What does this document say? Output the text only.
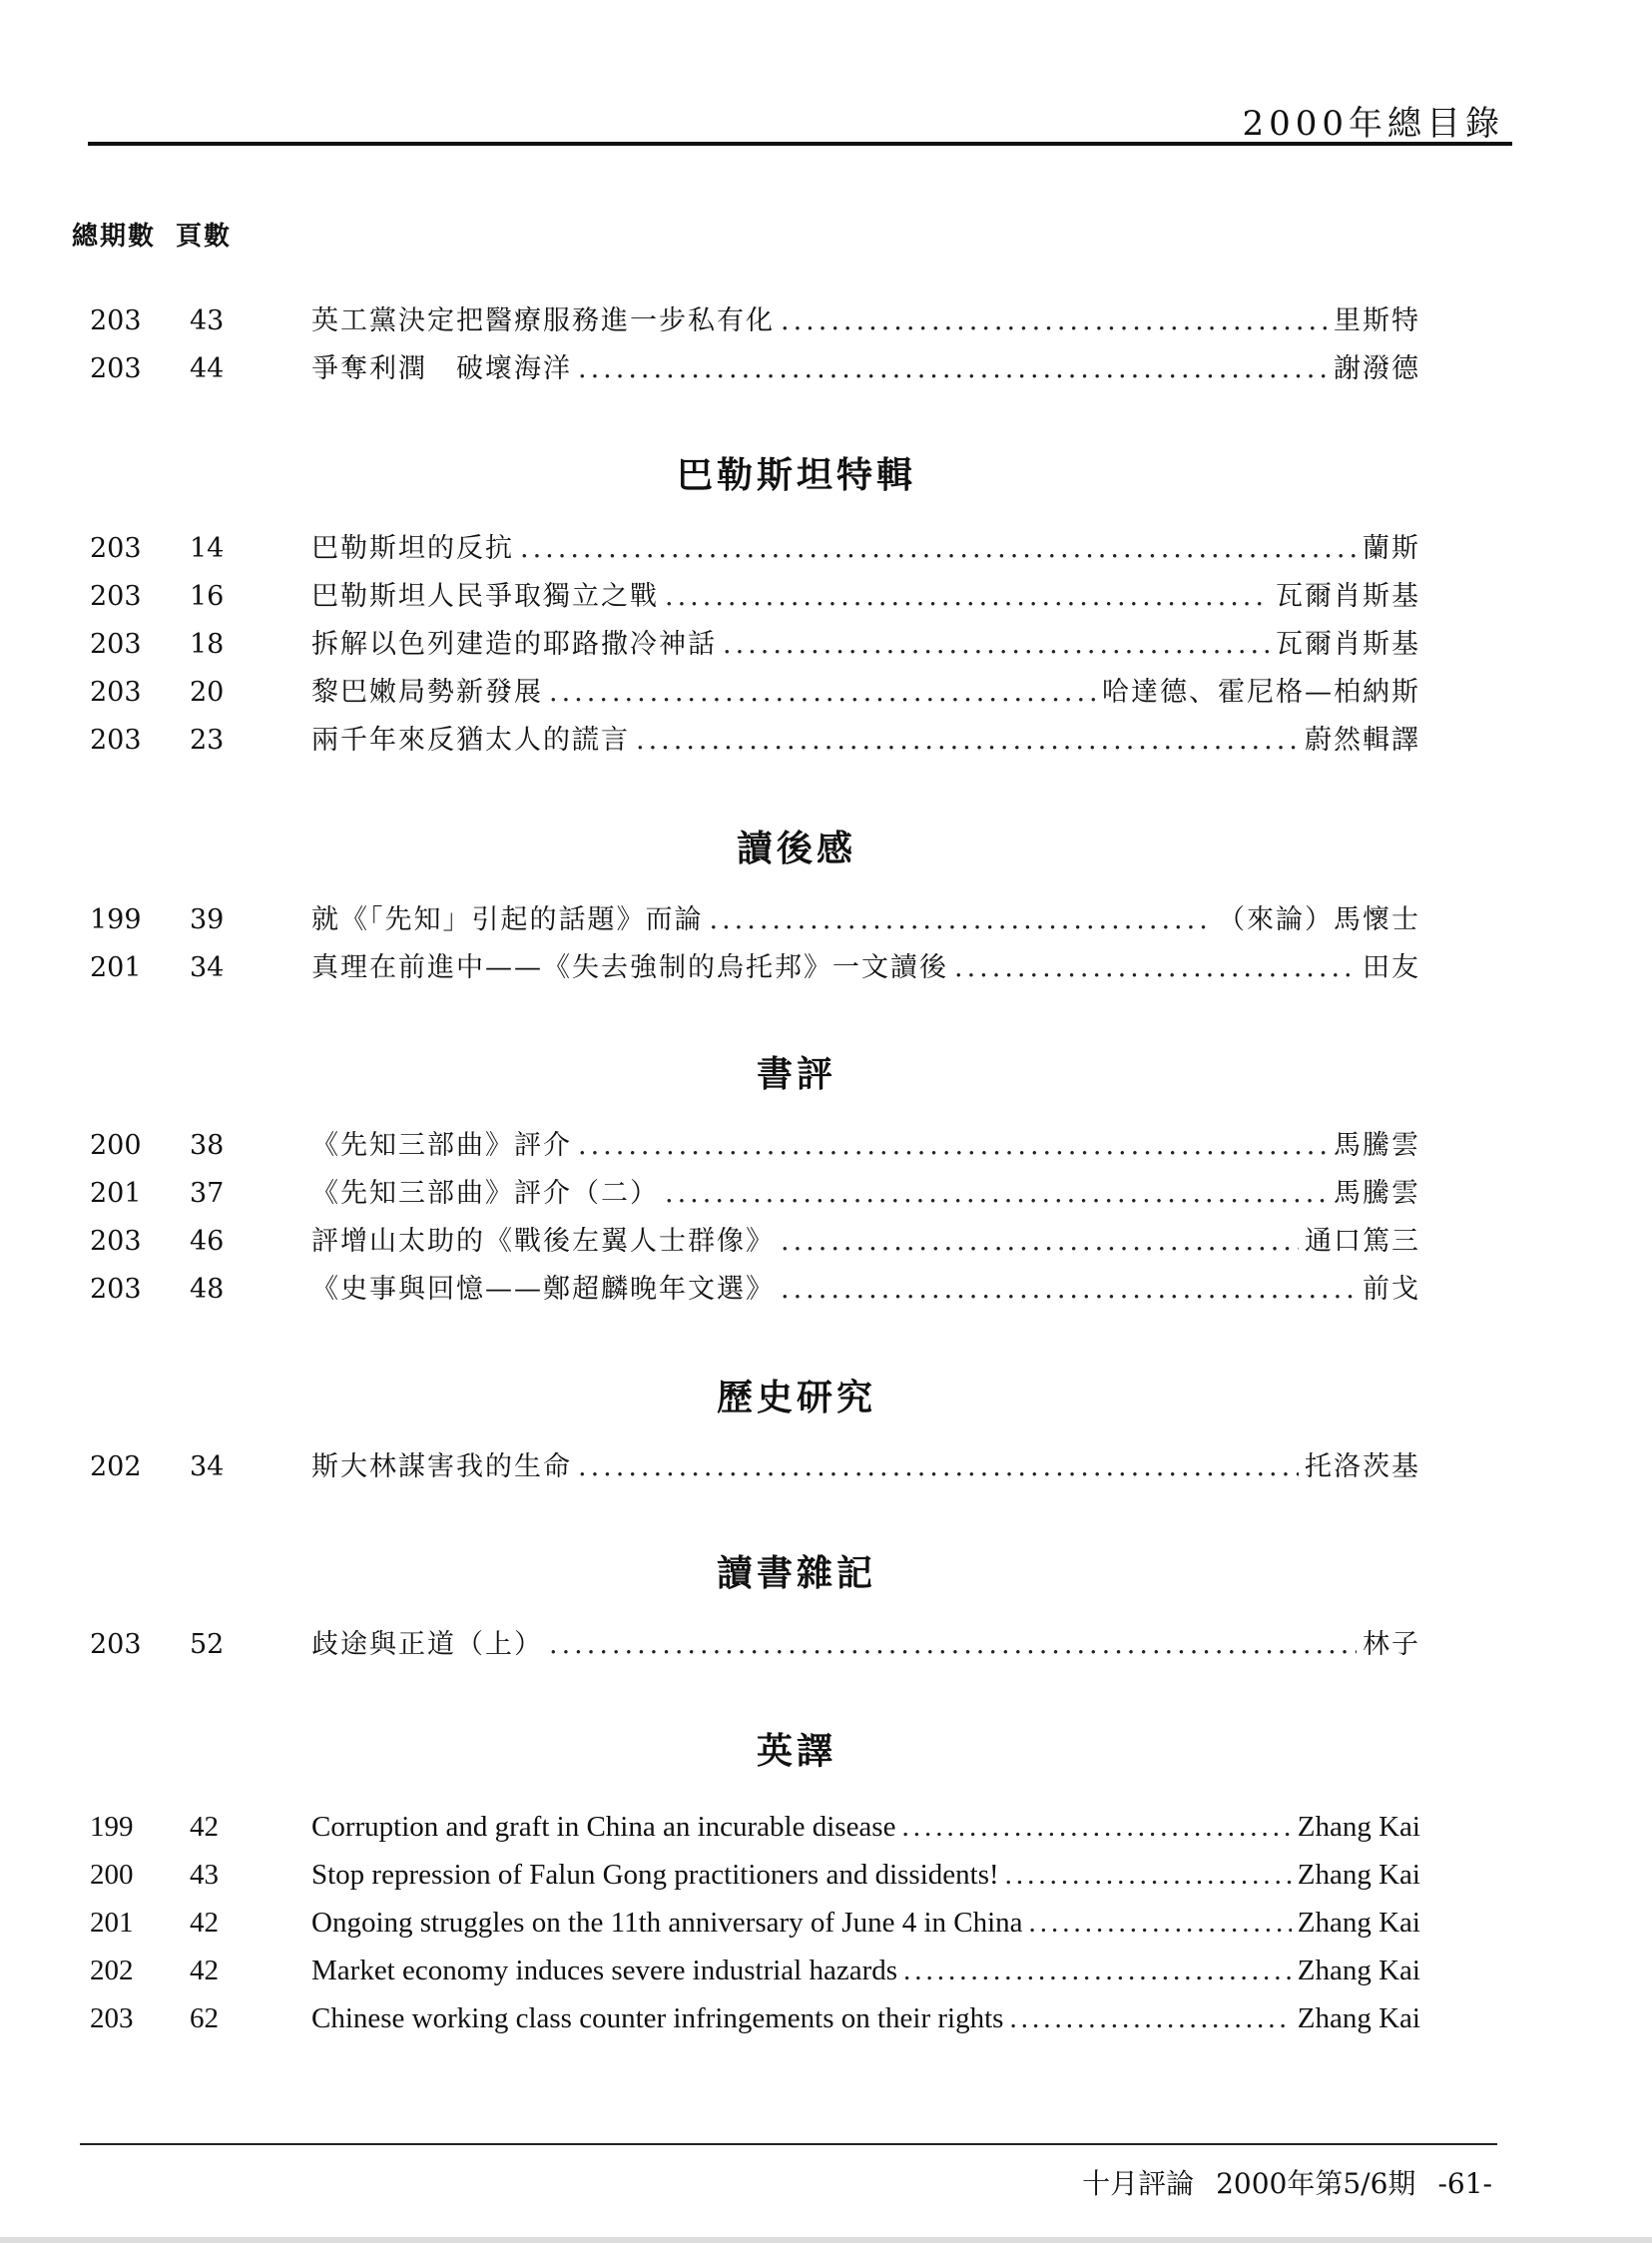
2000年總目錄
總期數 頁數
203 43	英工黨決定把醫療服務進一步私有化 .....	里斯特
203 44	爭奪利潤　破壞海洋 .....	謝潑德
巴勒斯坦特輯
203 14	巴勒斯坦的反抗 .....	蘭斯
203 16	巴勒斯坦人民爭取獨立之戰 .....	瓦爾肖斯基
203 18	拆解以色列建造的耶路撒冷神話 .....	瓦爾肖斯基
203 20	黎巴嫩局勢新發展 .....	哈達德、霍尼格—柏納斯
203 23	兩千年來反猶太人的謊言 .....	蔚然輯譯
讀後感
199 39	就《「先知」引起的話題》而論 .....	（來論）馬懷士
201 34	真理在前進中——《失去強制的烏托邦》一文讀後 .....	田友
書評
200 38	《先知三部曲》評介 .....	馬騰雲
201 37	《先知三部曲》評介（二） .....	馬騰雲
203 46	評增山太助的《戰後左翼人士群像》 .....	通口篤三
203 48	《史事與回憶——鄭超麟晚年文選》 .....	前戈
歷史研究
202 34	斯大林謀害我的生命 .....	托洛茨基
讀書雜記
203 52	歧途與正道（上） .....	林子
英譯
199 42	Corruption and graft in China an incurable disease .....	Zhang Kai
200 43	Stop repression of Falun Gong practitioners and dissidents! .....	Zhang Kai
201 42	Ongoing struggles on the 11th anniversary of June 4 in China .....	Zhang Kai
202 42	Market economy induces severe industrial hazards .....	Zhang Kai
203 62	Chinese working class counter infringements on their rights .....	Zhang Kai
十月評論 2000年第5/6期 -61-
